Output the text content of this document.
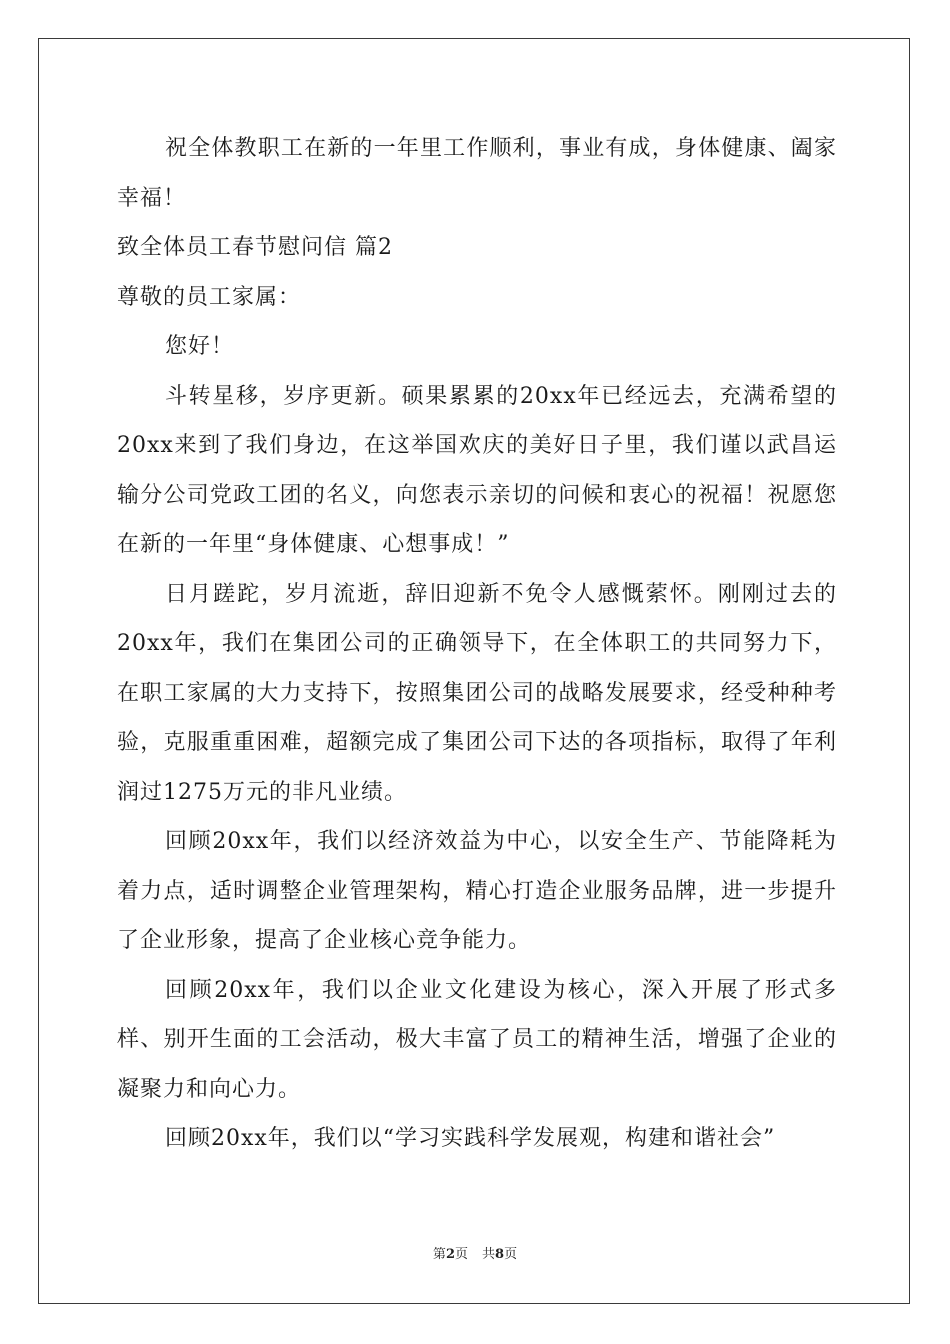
祝全体教职工在新的一年里工作顺利，事业有成，身体健康、阖家幸福！

致全体员工春节慰问信 篇2

尊敬的员工家属：

您好！

斗转星移，岁序更新。硕果累累的20xx年已经远去，充满希望的20xx来到了我们身边，在这举国欢庆的美好日子里，我们谨以武昌运输分公司党政工团的名义，向您表示亲切的问候和衷心的祝福！祝愿您在新的一年里“身体健康、心想事成！”

日月蹉跎，岁月流逝，辞旧迎新不免令人感慨萦怀。刚刚过去的20xx年，我们在集团公司的正确领导下，在全体职工的共同努力下，在职工家属的大力支持下，按照集团公司的战略发展要求，经受种种考验，克服重重困难，超额完成了集团公司下达的各项指标，取得了年利润过1275万元的非凡业绩。

回顾20xx年，我们以经济效益为中心，以安全生产、节能降耗为着力点，适时调整企业管理架构，精心打造企业服务品牌，进一步提升了企业形象，提高了企业核心竞争能力。

回顾20xx年，我们以企业文化建设为核心，深入开展了形式多样、别开生面的工会活动，极大丰富了员工的精神生活，增强了企业的凝聚力和向心力。

回顾20xx年，我们以“学习实践科学发展观，构建和谐社会”

第2页 共8页
